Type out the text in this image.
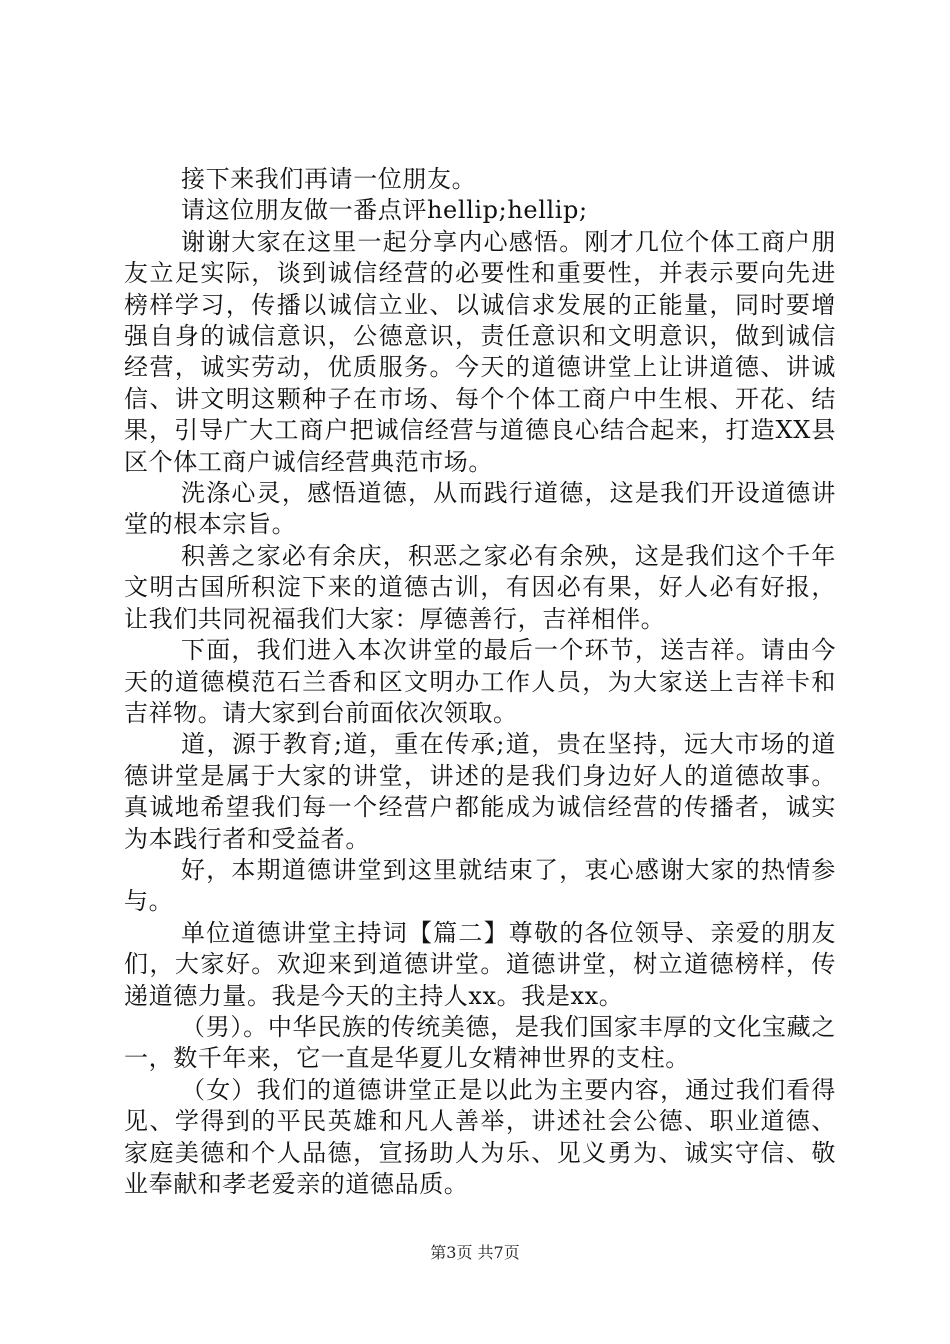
接下来我们再请一位朋友。

请这位朋友做一番点评hellip;hellip;

谢谢大家在这里一起分享内心感悟。刚才几位个体工商户朋友立足实际，谈到诚信经营的必要性和重要性，并表示要向先进榜样学习，传播以诚信立业、以诚信求发展的正能量，同时要增强自身的诚信意识，公德意识，责任意识和文明意识，做到诚信经营，诚实劳动，优质服务。今天的道德讲堂上让讲道德、讲诚信、讲文明这颗种子在市场、每个个体工商户中生根、开花、结果，引导广大工商户把诚信经营与道德良心结合起来，打造XX县区个体工商户诚信经营典范市场。

洗涤心灵，感悟道德，从而践行道德，这是我们开设道德讲堂的根本宗旨。

积善之家必有余庆，积恶之家必有余殃，这是我们这个千年文明古国所积淀下来的道德古训，有因必有果，好人必有好报，让我们共同祝福我们大家：厚德善行，吉祥相伴。

下面，我们进入本次讲堂的最后一个环节，送吉祥。请由今天的道德模范石兰香和区文明办工作人员，为大家送上吉祥卡和吉祥物。请大家到台前面依次领取。

道，源于教育;道，重在传承;道，贵在坚持，远大市场的道德讲堂是属于大家的讲堂，讲述的是我们身边好人的道德故事。真诚地希望我们每一个经营户都能成为诚信经营的传播者，诚实为本践行者和受益者。

好，本期道德讲堂到这里就结束了，衷心感谢大家的热情参与。

单位道德讲堂主持词【篇二】尊敬的各位领导、亲爱的朋友们，大家好。欢迎来到道德讲堂。道德讲堂，树立道德榜样，传递道德力量。我是今天的主持人xx。我是xx。

（男）。中华民族的传统美德，是我们国家丰厚的文化宝藏之一，数千年来，它一直是华夏儿女精神世界的支柱。

（女）我们的道德讲堂正是以此为主要内容，通过我们看得见、学得到的平民英雄和凡人善举，讲述社会公德、职业道德、家庭美德和个人品德，宣扬助人为乐、见义勇为、诚实守信、敬业奉献和孝老爱亲的道德品质。

第3页 共7页
